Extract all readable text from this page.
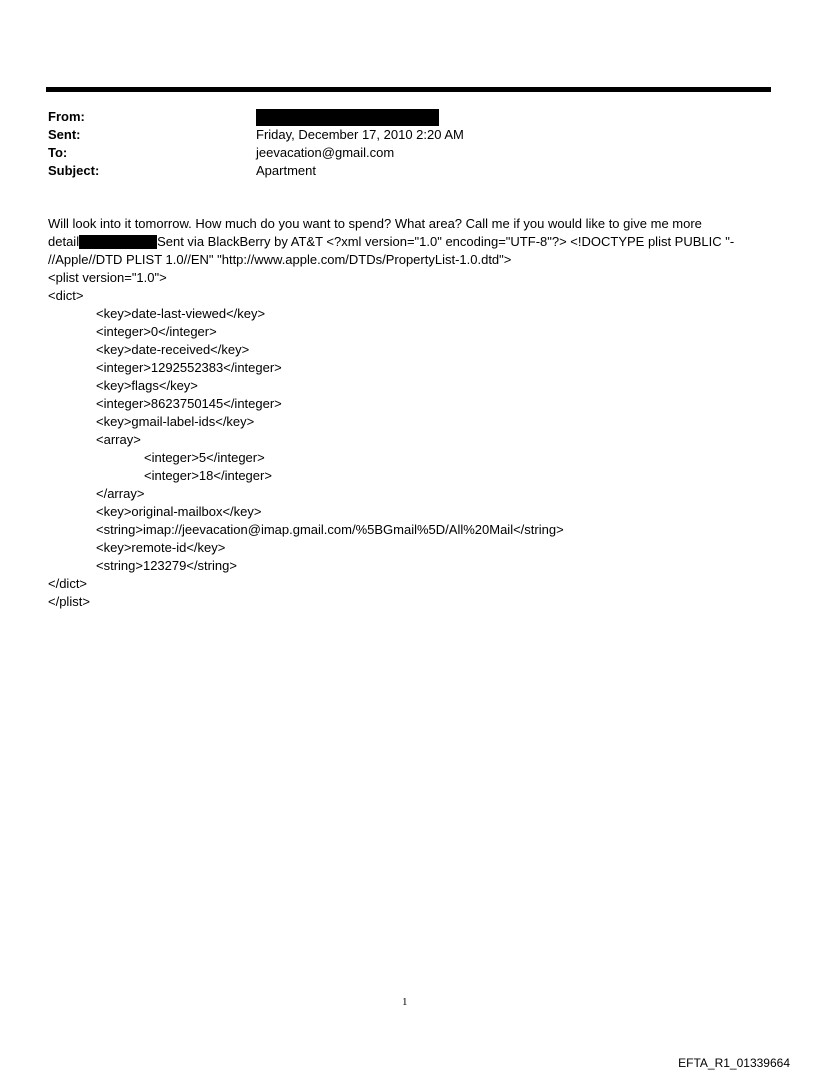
From:
Sent:	Friday, December 17, 2010 2:20 AM
To:	jeevacation@gmail.com
Subject:	Apartment

Will look into it tomorrow. How much do you want to spend? What area? Call me if you would like to give me more

detail	Sent via BlackBerry by AT&T <?xml version="1.0" encoding="UTF-8"?> <!DOCTYPE plist PUBLIC "-

//Apple//DTD PLIST 1.0//EN" "http://www.apple.com/DTDs/PropertyList-1.0.dtd">

<plist version="1.0">

<dict>

<key>date-last-viewed</key>

<integer>0</integer>

<key>date-received</key>

<integer>1292552383</integer>

<key>flags</key>

<integer>8623750145</integer>

<key>gmail-label-ids</key>

<array>

<integer>5</integer>

<integer>18</integer>

</array>

<key>original-mailbox</key>

<string>imap://jeevacation@imap.gmail.com/%5BGmail%5D/All%20Mail</string>

<key>remote-id</key>

<string>123279</string>

</dict>

</plist>

1
EFTA_R1_01339664
